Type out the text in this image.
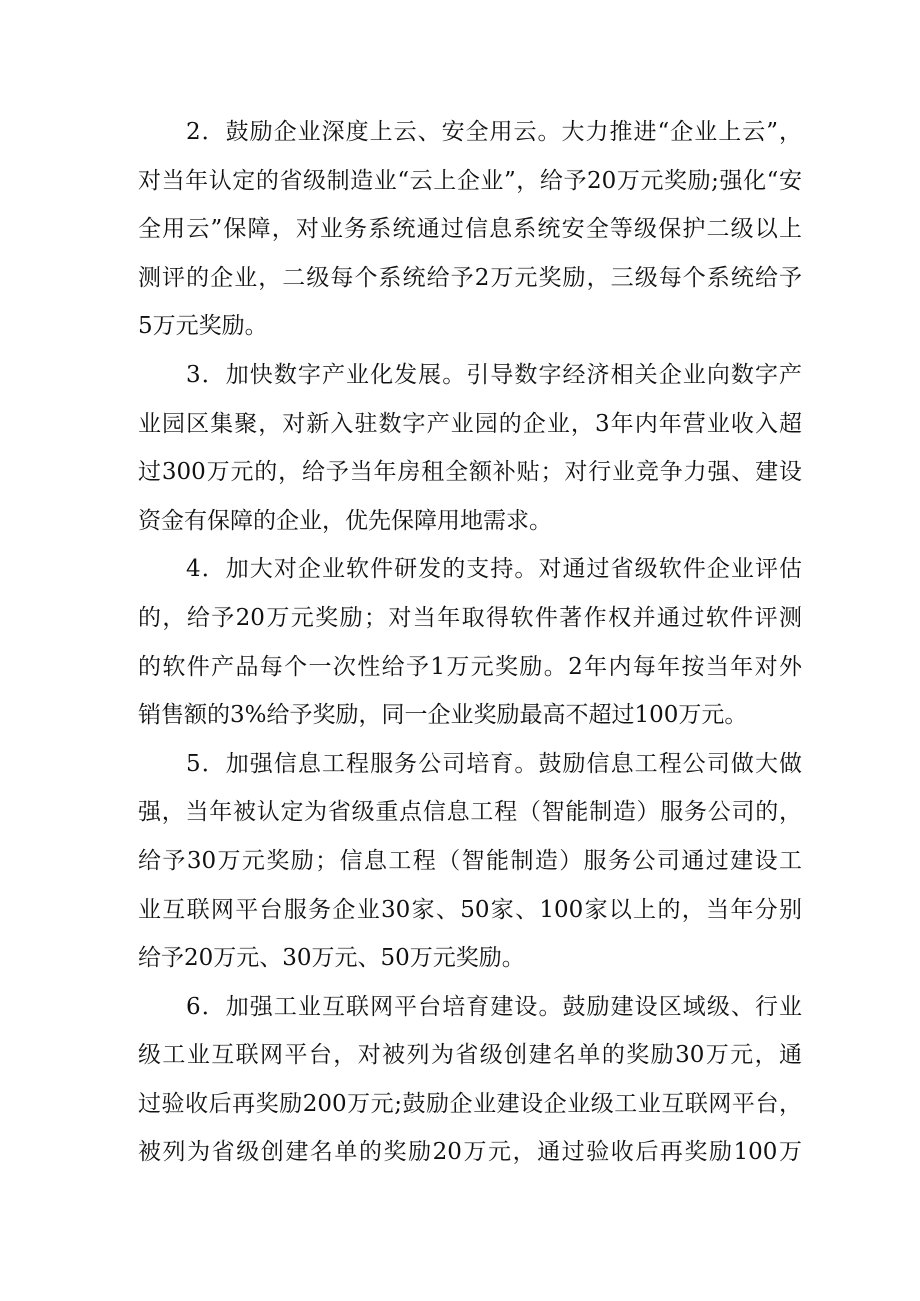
2．鼓励企业深度上云、安全用云。大力推进“企业上云”，
对当年认定的省级制造业“云上企业”，给予20万元奖励;强化“安
全用云”保障，对业务系统通过信息系统安全等级保护二级以上
测评的企业，二级每个系统给予2万元奖励，三级每个系统给予
5万元奖励。
3．加快数字产业化发展。引导数字经济相关企业向数字产
业园区集聚，对新入驻数字产业园的企业，3年内年营业收入超
过300万元的，给予当年房租全额补贴；对行业竞争力强、建设
资金有保障的企业，优先保障用地需求。
4．加大对企业软件研发的支持。对通过省级软件企业评估
的，给予20万元奖励；对当年取得软件著作权并通过软件评测
的软件产品每个一次性给予1万元奖励。2年内每年按当年对外
销售额的3%给予奖励，同一企业奖励最高不超过100万元。
5．加强信息工程服务公司培育。鼓励信息工程公司做大做
强，当年被认定为省级重点信息工程（智能制造）服务公司的，
给予30万元奖励；信息工程（智能制造）服务公司通过建设工
业互联网平台服务企业30家、50家、100家以上的，当年分别
给予20万元、30万元、50万元奖励。
6．加强工业互联网平台培育建设。鼓励建设区域级、行业
级工业互联网平台，对被列为省级创建名单的奖励30万元，通
过验收后再奖励200万元;鼓励企业建设企业级工业互联网平台，
被列为省级创建名单的奖励20万元，通过验收后再奖励100万
